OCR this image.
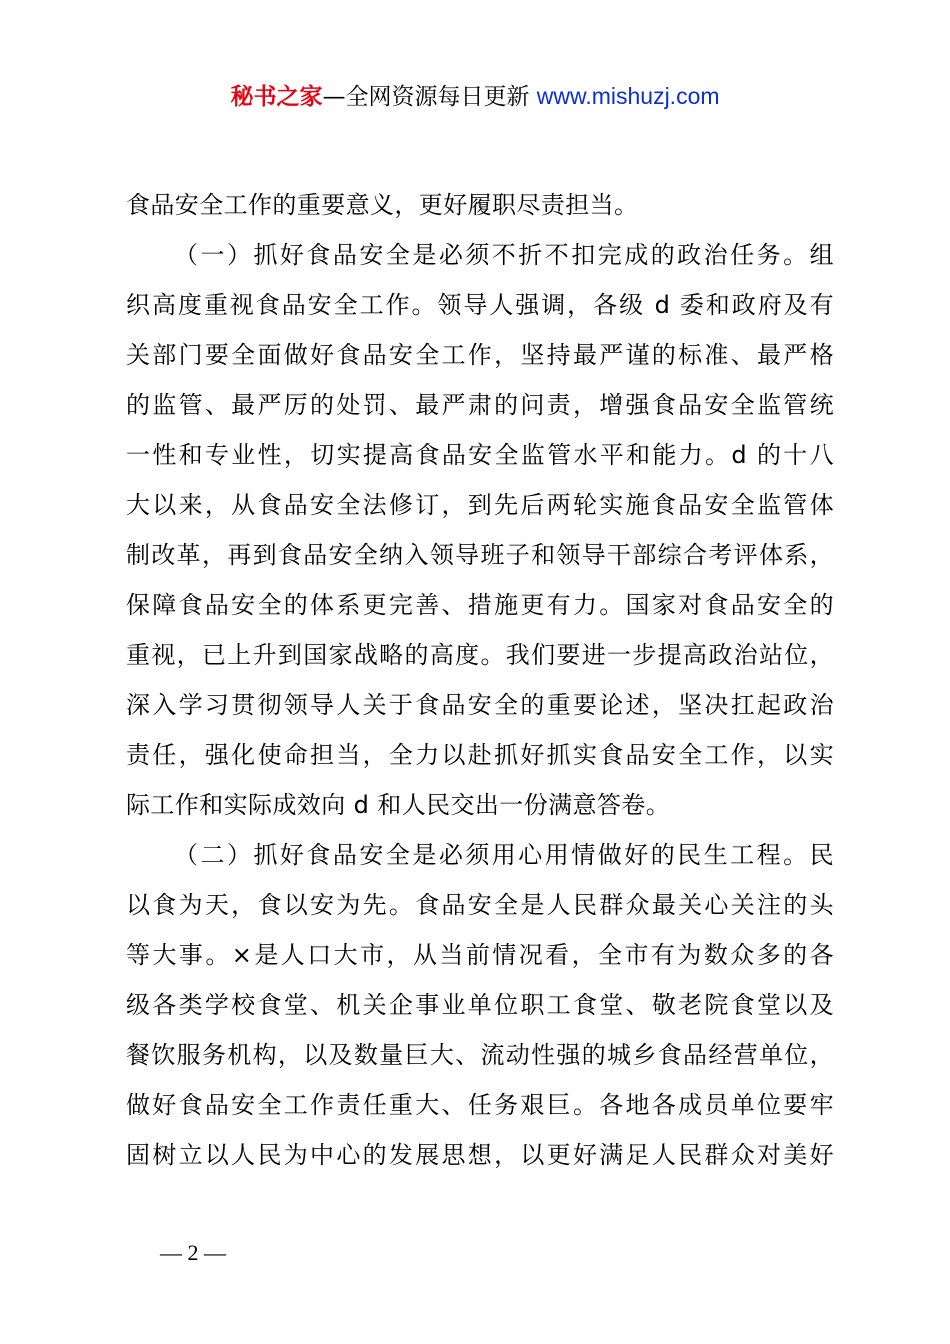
秘书之家—全网资源每日更新 www.mishuzj.com
食品安全工作的重要意义，更好履职尽责担当。
（一）抓好食品安全是必须不折不扣完成的政治任务。组
织高度重视食品安全工作。领导人强调，各级 d 委和政府及有
关部门要全面做好食品安全工作，坚持最严谨的标准、最严格
的监管、最严厉的处罚、最严肃的问责，增强食品安全监管统
一性和专业性，切实提高食品安全监管水平和能力。d 的十八
大以来，从食品安全法修订，到先后两轮实施食品安全监管体
制改革，再到食品安全纳入领导班子和领导干部综合考评体系，
保障食品安全的体系更完善、措施更有力。国家对食品安全的
重视，已上升到国家战略的高度。我们要进一步提高政治站位，
深入学习贯彻领导人关于食品安全的重要论述，坚决扛起政治
责任，强化使命担当，全力以赴抓好抓实食品安全工作，以实
际工作和实际成效向 d 和人民交出一份满意答卷。
（二）抓好食品安全是必须用心用情做好的民生工程。民
以食为天，食以安为先。食品安全是人民群众最关心关注的头
等大事。×是人口大市，从当前情况看，全市有为数众多的各
级各类学校食堂、机关企事业单位职工食堂、敬老院食堂以及
餐饮服务机构，以及数量巨大、流动性强的城乡食品经营单位，
做好食品安全工作责任重大、任务艰巨。各地各成员单位要牢
固树立以人民为中心的发展思想，以更好满足人民群众对美好
— 2 —
